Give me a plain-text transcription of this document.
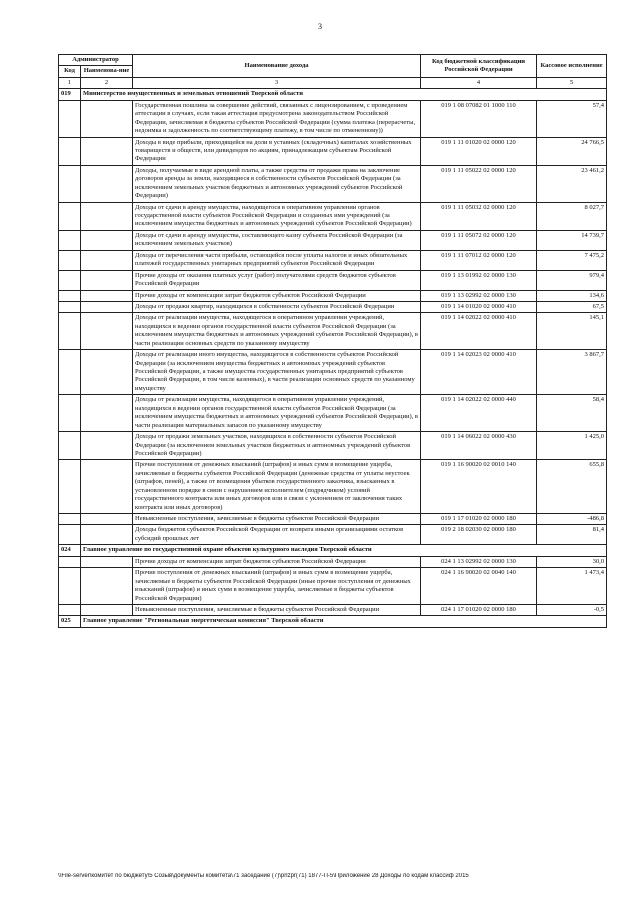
3
Администратор		Наименование дохода	Код бюджетной классификации Российской Федерации	Кассовое исполнение
Код	Наименова-ние			
1	2	3	4	5
019	Министерство имущественных и земельных отношений Тверской области			
		Государственная пошлина за совершение действий, связанных с лицензированием, с проведением аттестации в случаях, если такая аттестация предусмотрена законодательством Российской Федерации, зачисляемая в бюджеты субъектов Российской Федерации (сумма платежа (перерасчеты, недоимка и задолженность по соответствующему платежу, в том числе по отмененному))	019 1 08 07082 01 1000 110	57,4
		Доходы в виде прибыли, приходящейся на доли в уставных (складочных) капиталах хозяйственных товариществ и обществ, или дивидендов по акциям, принадлежащим субъектам Российской Федерации	019 1 11 01020 02 0000 120	24 766,5
		Доходы, получаемые в виде арендной платы, а также средства от продажи права на заключение договоров аренды за земли, находящиеся в собственности субъектов Российской Федерации (за исключением земельных участков бюджетных и автономных учреждений субъектов Российской Федерации)	019 1 11 05022 02 0000 120	23 461,2
		Доходы от сдачи в аренду имущества, находящегося в оперативном управлении органов государственной власти субъектов Российской Федерации и созданных ими учреждений (за исключением имущества бюджетных и автономных учреждений субъектов Российской Федерации)	019 1 11 05032 02 0000 120	8 027,7
		Доходы от сдачи в аренду имущества, составляющего казну субъекта Российской Федерации (за исключением земельных участков)	019 1 11 05072 02 0000 120	14 739,7
		Доходы от перечисления части прибыли, остающейся после уплаты налогов и иных обязательных платежей государственных унитарных предприятий субъектов Российской Федерации	019 1 11 07012 02 0000 120	7 475,2
		Прочие доходы от оказания платных услуг (работ) получателями средств бюджетов субъектов Российской Федерации	019 1 13 01992 02 0000 130	979,4
		Прочие доходы от компенсации затрат бюджетов субъектов Российской Федерации	019 1 13 02992 02 0000 130	134,6
		Доходы от продажи квартир, находящихся в собственности субъектов Российской Федерации	019 1 14 01020 02 0000 410	67,5
		Доходы от реализации имущества, находящегося в оперативном управлении учреждений, находящихся в ведении органов государственной власти субъектов Российской Федерации (за исключением имущества бюджетных и автономных учреждений субъектов Российской Федерации), в части реализации основных средств по указанному имуществу	019 1 14 02022 02 0000 410	145,1
		Доходы от реализации иного имущества, находящегося в собственности субъектов Российской Федерации (за исключением имущества бюджетных и автономных учреждений субъектов Российской Федерации, а также имущества государственных унитарных предприятий субъектов Российской Федерации, в том числе казенных), в части реализации основных средств по указанному имуществу	019 1 14 02023 02 0000 410	3 867,7
		Доходы от реализации имущества, находящегося в оперативном управлении учреждений, находящихся в ведении органов государственной власти субъектов Российской Федерации (за исключением имущества бюджетных и автономных учреждений субъектов Российской Федерации), в части реализации материальных запасов по указанному имуществу	019 1 14 02022 02 0000 440	58,4
		Доходы от продажи земельных участков, находящихся в собственности субъектов Российской Федерации (за исключением земельных участков бюджетных и автономных учреждений субъектов Российской Федерации)	019 1 14 06022 02 0000 430	1 425,0
		Прочие поступления от денежных взысканий (штрафов) и иных сумм в возмещение ущерба, зачисляемые в бюджеты субъектов Российской Федерации (денежные средства от уплаты неустоек (штрафов, пеней), а также от возмещения убытков государственного заказчика, взысканных в установленном порядке в связи с нарушением исполнителем (подрядчиком) условий государственного контракта или иных договоров или в связи с уклонением от заключения таких контракта или иных договоров)	019 1 16 90020 02 0010 140	655,8
		Невыясненные поступления, зачисляемые в бюджеты субъектов Российской Федерации	019 1 17 01020 02 0000 180	-486,8
		Доходы бюджетов субъектов Российской Федерации от возврата иными организациями остатков субсидий прошлых лет	019 2 18 02030 02 0000 180	81,4
024	Главное управление по государственной охране объектов культурного наследия Тверской области			
		Прочие доходы от компенсации затрат бюджетов субъектов Российской Федерации	024 1 13 02992 02 0000 130	30,0
		Прочие поступления от денежных взысканий (штрафов) и иных сумм в возмещение ущерба, зачисляемые в бюджеты субъектов Российской Федерации (иные прочие поступления от денежных взысканий (штрафов) и иных сумм в возмещение ущерба, зачисляемые в бюджеты субъектов Российской Федерации)	024 1 16 90020 02 0040 140	1 473,4
		Невыясненные поступления, зачисляемые в бюджеты субъектов Российской Федерации	024 1 17 01020 02 0000 180	-0,5
025	Главное управление "Региональная энергетическая комиссия" Тверской области			
\\File-server\комитет по бюджету\5 Созыв\документы комитета\71 заседание (7)\prlzpr(71) 1877-П-5\Приложение 28 Доходы по кодам классиф 2015
